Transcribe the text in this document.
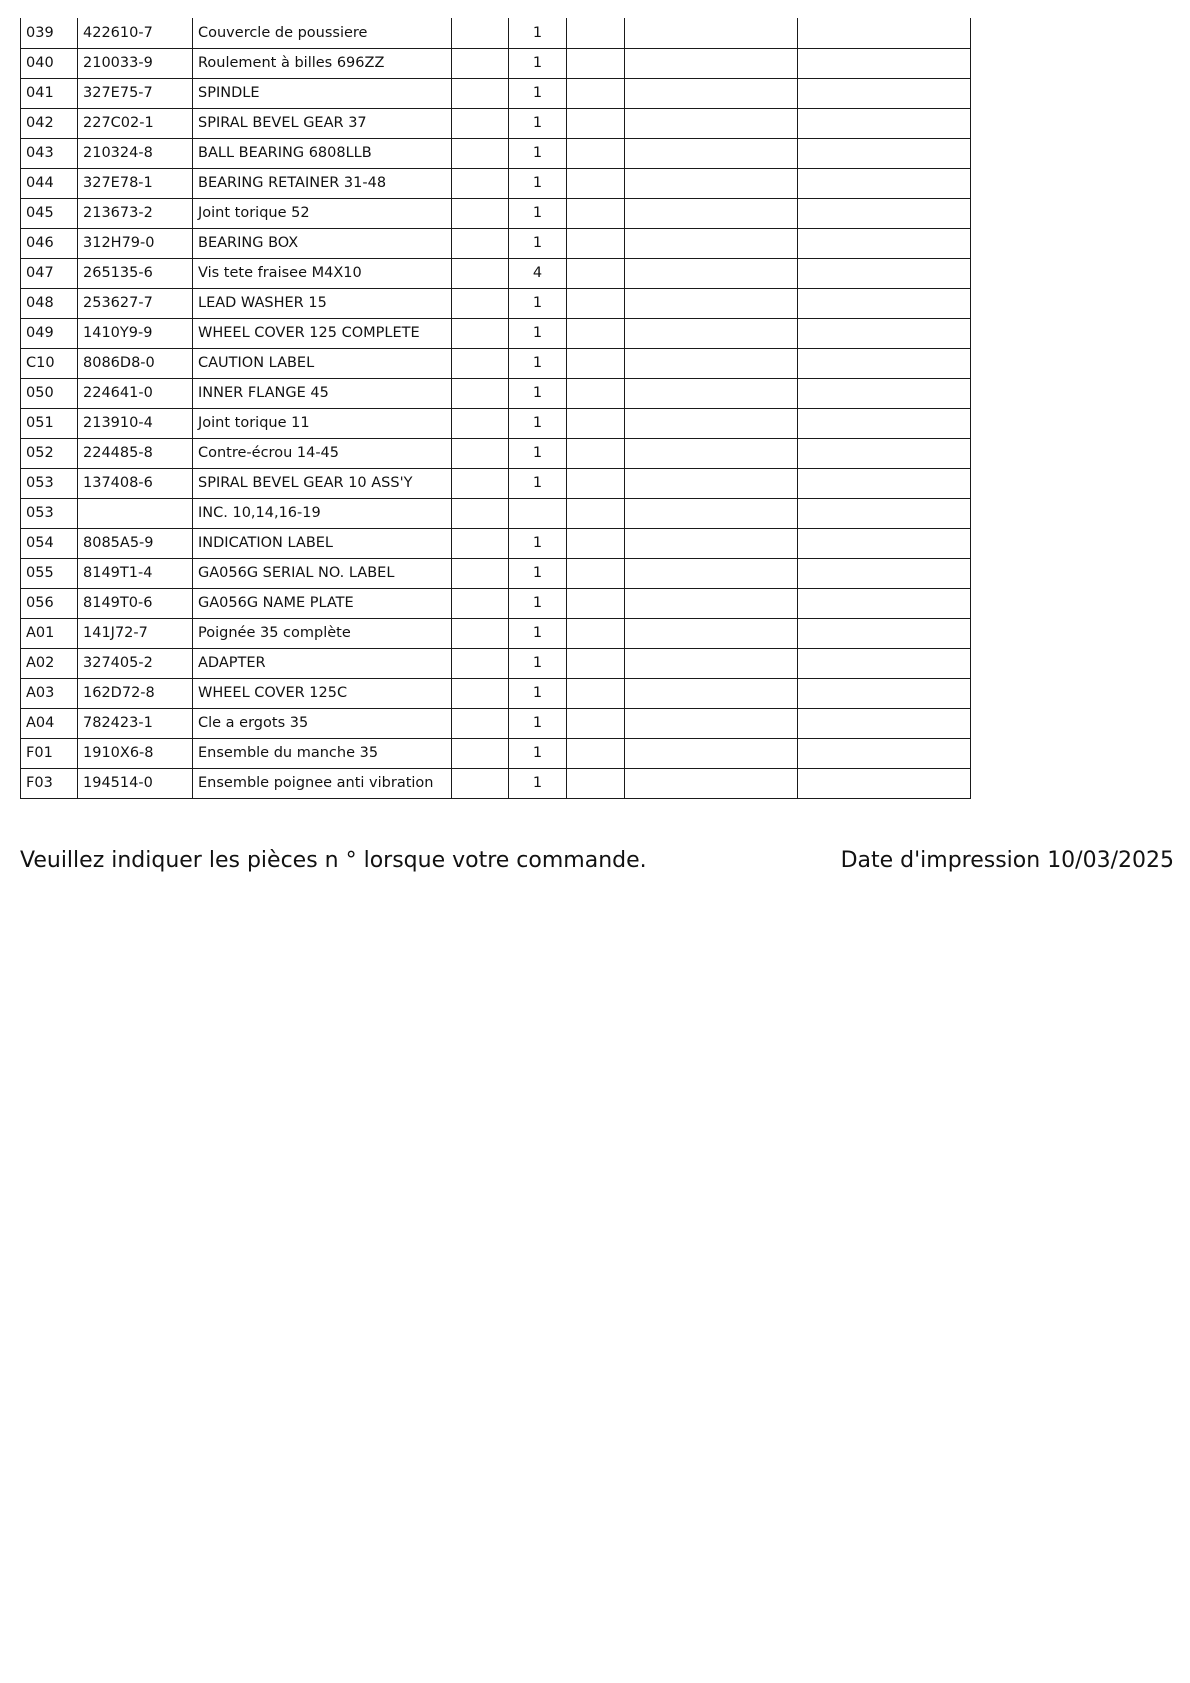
039	422610-7	Couvercle de poussiere		1			
040	210033-9	Roulement à billes 696ZZ		1			
041	327E75-7	SPINDLE		1			
042	227C02-1	SPIRAL BEVEL GEAR 37		1			
043	210324-8	BALL BEARING 6808LLB		1			
044	327E78-1	BEARING RETAINER 31-48		1			
045	213673-2	Joint torique 52		1			
046	312H79-0	BEARING BOX		1			
047	265135-6	Vis tete fraisee M4X10		4			
048	253627-7	LEAD WASHER 15		1			
049	1410Y9-9	WHEEL COVER 125 COMPLETE		1			
C10	8086D8-0	CAUTION LABEL		1			
050	224641-0	INNER FLANGE 45		1			
051	213910-4	Joint torique 11		1			
052	224485-8	Contre-écrou 14-45		1			
053	137408-6	SPIRAL BEVEL GEAR 10 ASS'Y		1			
053		INC. 10,14,16-19					
054	8085A5-9	INDICATION LABEL		1			
055	8149T1-4	GA056G SERIAL NO. LABEL		1			
056	8149T0-6	GA056G NAME PLATE		1			
A01	141J72-7	Poignée 35 complète		1			
A02	327405-2	ADAPTER		1			
A03	162D72-8	WHEEL COVER 125C		1			
A04	782423-1	Cle a ergots 35		1			
F01	1910X6-8	Ensemble du manche 35		1			
F03	194514-0	Ensemble poignee anti vibration		1			
Veuillez indiquer les pièces n ° lorsque votre commande.	Date d'impression 10/03/2025
